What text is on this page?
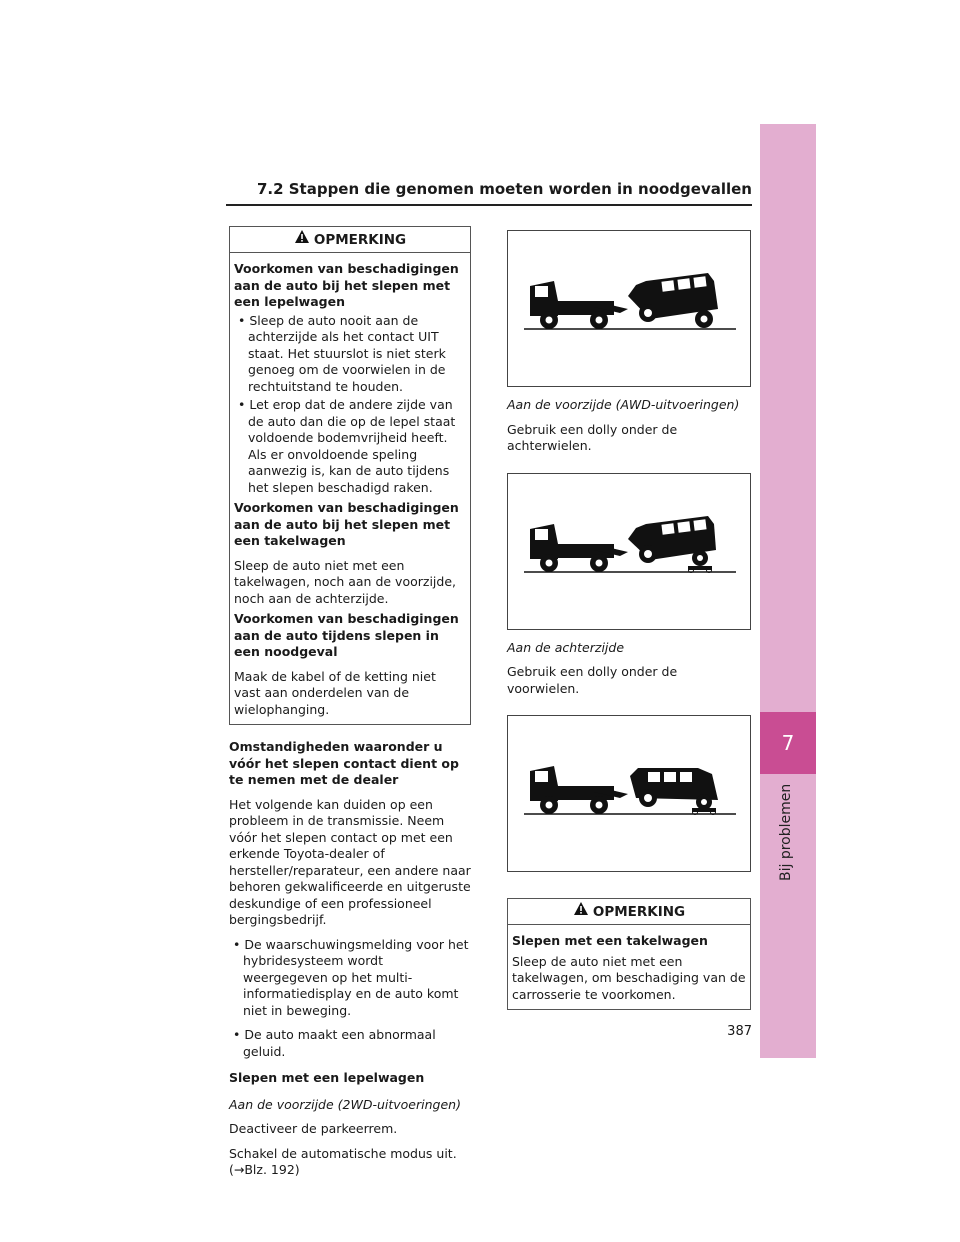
7.2 Stappen die genomen moeten worden in noodgevallen
7
Bij problemen
OPMERKING
Voorkomen van beschadigingen aan de auto bij het slepen met een lepelwagen
• Sleep de auto nooit aan de achterzijde als het contact UIT staat. Het stuurslot is niet sterk genoeg om de voorwielen in de rechtuitstand te houden.
• Let erop dat de andere zijde van de auto dan die op de lepel staat voldoende bodemvrijheid heeft. Als er onvoldoende speling aanwezig is, kan de auto tijdens het slepen beschadigd raken.
Voorkomen van beschadigingen aan de auto bij het slepen met een takelwagen
Sleep de auto niet met een takelwagen, noch aan de voorzijde, noch aan de achterzijde.
Voorkomen van beschadigingen aan de auto tijdens slepen in een noodgeval
Maak de kabel of de ketting niet vast aan onderdelen van de wielophanging.
Omstandigheden waaronder u vóór het slepen contact dient op te nemen met de dealer
Het volgende kan duiden op een probleem in de transmissie. Neem vóór het slepen contact op met een erkende Toyota-dealer of hersteller/reparateur, een andere naar behoren gekwalificeerde en uitgeruste deskundige of een professioneel bergingsbedrijf.
• De waarschuwingsmelding voor het hybridesysteem wordt weergegeven op het multi-informatiedisplay en de auto komt niet in beweging.
• De auto maakt een abnormaal geluid.
Slepen met een lepelwagen
Aan de voorzijde (2WD-uitvoeringen)
Deactiveer de parkeerrem.
Schakel de automatische modus uit. (→Blz. 192)
Aan de voorzijde (AWD-uitvoeringen)
Gebruik een dolly onder de achterwielen.
Aan de achterzijde
Gebruik een dolly onder de voorwielen.
OPMERKING
Slepen met een takelwagen
Sleep de auto niet met een takelwagen, om beschadiging van de carrosserie te voorkomen.
387
